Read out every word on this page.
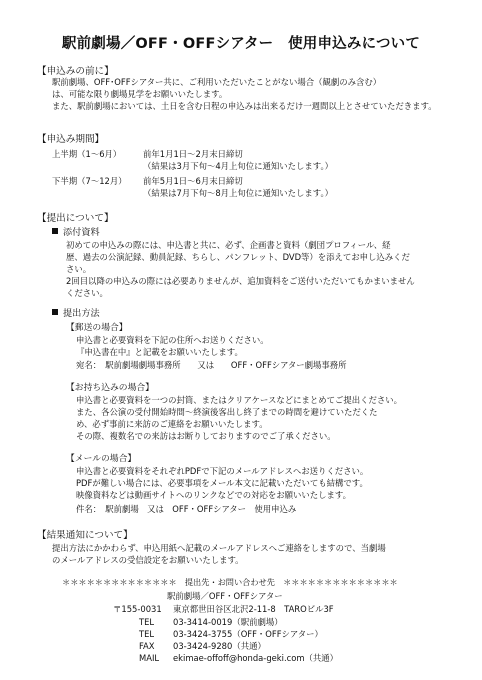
駅前劇場／OFF・OFFシアター　使用申込みについて
【申込みの前に】
駅前劇場、OFF･OFFシアター共に、ご利用いただいたことがない場合（観劇のみ含む）
は、可能な限り劇場見学をお願いいたします。
また、駅前劇場においては、土日を含む日程の申込みは出来るだけ一週間以上とさせていただきます。
【申込み期間】
上半期（1～6月）	前年1月1日～2月末日締切
（結果は3月下旬～4月上旬位に通知いたします。）
下半期（7～12月） 前年5月1日～6月末日締切
（結果は7月下旬～8月上旬位に通知いたします。）
【提出について】
添付資料
初めての申込みの際には、申込書と共に、必ず、企画書と資料（劇団プロフィール、経
歴、過去の公演記録、動員記録、ちらし、パンフレット、DVD等）を添えてお申し込みくだ
さい。
2回目以降の申込みの際には必要ありませんが、追加資料をご送付いただいてもかまいません
ください。
提出方法
【郵送の場合】
申込書と必要資料を下記の住所へお送りください。
『申込書在中』と記載をお願いいたします。
宛名：　駅前劇場劇場事務所　　又は　　OFF・OFFシアター劇場事務所
【お持ち込みの場合】
申込書と必要資料を一つの封筒、またはクリアケースなどにまとめてご提出ください。
また、各公演の受付開始時間～終演後客出し終了までの時間を避けていただくた
め、必ず事前に来訪のご連絡をお願いいたします。
その際、複数名での来訪はお断りしておりますのでご了承ください。
【メールの場合】
申込書と必要資料をそれぞれPDFで下記のメールアドレスへお送りください。
PDFが難しい場合には、必要事項をメール本文に記載いただいても結構です。
映像資料などは動画サイトへのリンクなどでの対応をお願いいたします。
件名：　駅前劇場　又は　OFF・OFFシアター　使用申込み
【結果通知について】
提出方法にかかわらず、申込用紙へ記載のメールアドレスへご連絡をしますので、当劇場
のメールアドレスの受信設定をお願いいたします。
＊＊＊＊＊＊＊＊＊＊＊＊＊＊　提出先・お問い合わせ先　＊＊＊＊＊＊＊＊＊＊＊＊＊＊
駅前劇場／OFF・OFFシアター
〒155-0031 東京都世田谷区北沢2-11-8　TAROビル3F
TEL 03-3414-0019（駅前劇場）
TEL 03-3424-3755（OFF・OFFシアター）
FAX 03-3424-9280（共通）
MAIL ekimae-offoff@honda-geki.com（共通）
